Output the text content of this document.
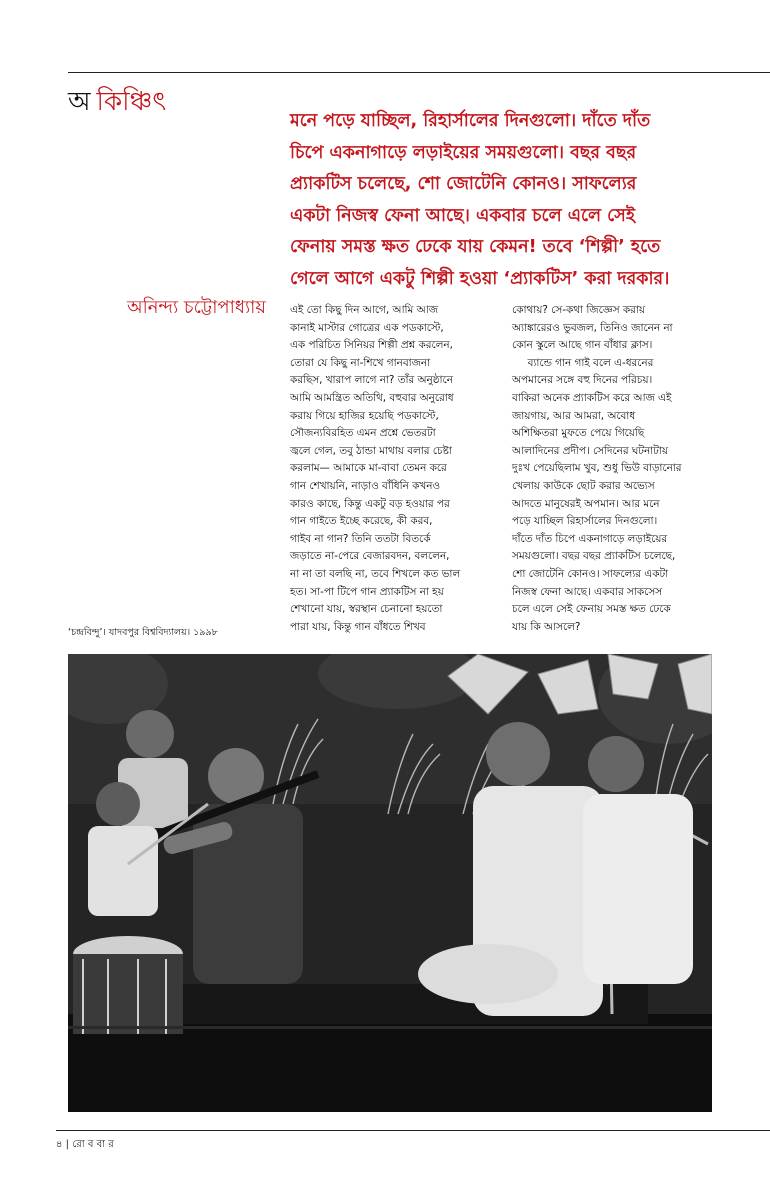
অ কিঞ্চিৎ
মনে পড়ে যাচ্ছিল, রিহার্সালের দিনগুলো। দাঁতে দাঁত
চিপে একনাগাড়ে লড়াইয়ের সময়গুলো। বছর বছর
প্র্যাকটিস চলেছে, শো জোটেনি কোনও। সাফল্যের
একটা নিজস্ব ফেনা আছে। একবার চলে এলে সেই
ফেনায় সমস্ত ক্ষত ঢেকে যায় কেমন! তবে ‘শিল্পী’ হতে
গেলে আগে একটু শিল্পী হওয়া ‘প্র্যাকটিস’ করা দরকার।
অনিন্দ্য চট্টোপাধ্যায় এই তো কিছু দিন আগে, আমি আজ
কানাই মাস্টার গোত্রের এক পডকাস্টে,
এক পরিচিত সিনিয়র শিল্পী প্রশ্ন করলেন,
তোরা যে কিছু না-শিখে গানবাজনা
করছিস, খারাপ লাগে না? তাঁর অনুষ্ঠানে
আমি আমন্ত্রিত অতিথি, বহুবার অনুরোধ
করায় গিয়ে হাজির হয়েছি পডকাস্টে,
সৌজন্যবিরহিত এমন প্রশ্নে ভেতরটা
জ্বলে গেল, তবু ঠান্ডা মাথায় বলার চেষ্টা
করলাম— আমাকে মা-বাবা তেমন করে
গান শেখায়নি, নাড়াও বাঁধিনি কখনও
কারও কাছে, কিন্তু একটু বড় হওয়ার পর
গান গাইতে ইচ্ছে করেছে, কী করব,
গাইব না গান? তিনি ততটা বিতর্কে
জড়াতে না-পেরে বেজারবদন, বললেন,
না না তা বলছি না, তবে শিখলে কত ভাল
হত। সা-পা টিপে গান প্র্যাকটিস না হয়
শেখানো যায়, স্বরস্থান চেনানো হয়তো
পারা যায়, কিন্তু গান বাঁধতে শিখব
কোথায়? সে-কথা জিজ্ঞেস করায়
অ্যাঙ্কারেরও ভুবজল, তিনিও জানেন না
কোন স্কুলে আছে গান বাঁধার ক্লাস।
ব্যান্ডে গান গাই বলে এ-ধরনের
অপমানের সঙ্গে বহু দিনের পরিচয়।
বাকিরা অনেক প্র্যাকটিস করে আজ এই
জায়গায়, আর আমরা, অবোধ
অশিক্ষিতরা মুফতে পেয়ে গিয়েছি
আলাদিনের প্রদীপ। সেদিনের ঘটনাটায়
দুঃখ পেয়েছিলাম খুব, শুধু ভিউ বাড়ানোর
খেলায় কাউকে ছোট করার অভ্যেস
আদতে মানুষেরই অপমান। আর মনে
পড়ে যাচ্ছিল রিহার্সালের দিনগুলো।
দাঁতে দাঁত চিপে একনাগাড়ে লড়াইয়ের
সময়গুলো। বছর বছর প্র্যাকটিস চলেছে,
শো জোটেনি কোনও। সাফল্যের একটা
নিজস্ব ফেনা আছে। একবার সাকসেস
চলে এলে সেই ফেনায় সমস্ত ক্ষত ঢেকে
যায় কি আসলে?
‘চন্দ্রবিন্দু’। যাদবপুর বিশ্ববিদ্যালয়। ১৯৯৮
৪ | রো ব বা র
